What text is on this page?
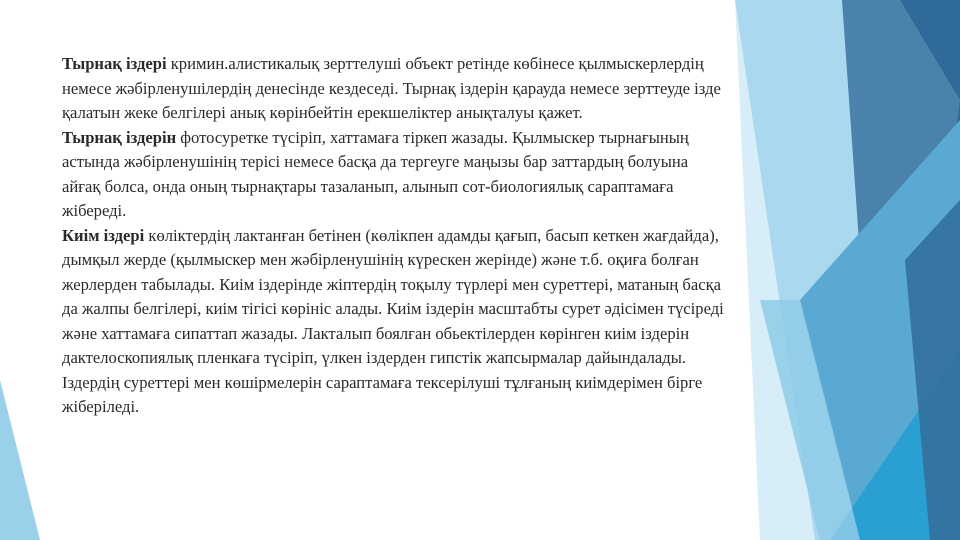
Тырнақ іздері кримин.алистикалық зерттелуші объект ретінде көбінесе қылмыскерлердің немесе жәбірленушілердің денесінде кездеседі. Тырнақ іздерін қарауда немесе зерттеуде ізде қалатын жеке белгілері анық көрінбейтін ерекшеліктер анықталуы қажет.

Тырнақ іздерін фотосуретке түсіріп, хаттамаға тіркеп жазады. Қылмыскер тырнағының астында жәбірленушінің терісі немесе басқа да тергеуге маңызы бар заттардың болуына айғақ болса, онда оның тырнақтары тазаланып, алынып сот-биологиялық сараптамаға жібереді.

Киім іздері көліктердің лактанған бетінен (көлікпен адамды қағып, басып кеткен жағдайда), дымқыл жерде (қылмыскер мен жәбірленушінің күрескен жерінде) және т.б. оқиға болған жерлерден табылады. Киім іздерінде жіптердің тоқылу түрлері мен суреттері, матаның басқа да жалпы белгілері, киім тігісі көрініс алады. Киім іздерін масштабты сурет әдісімен түсіреді және хаттамаға сипаттап жазады. Лакталып боялған обьектілерден көрінген киім іздерін дактелоскопиялық пленкаға түсіріп, үлкен іздерден гипстік жапсырмалар дайындалады. Іздердің суреттері мен көшірмелерін сараптамаға тексерілуші тұлғаның киімдерімен бірге жіберіледі.
